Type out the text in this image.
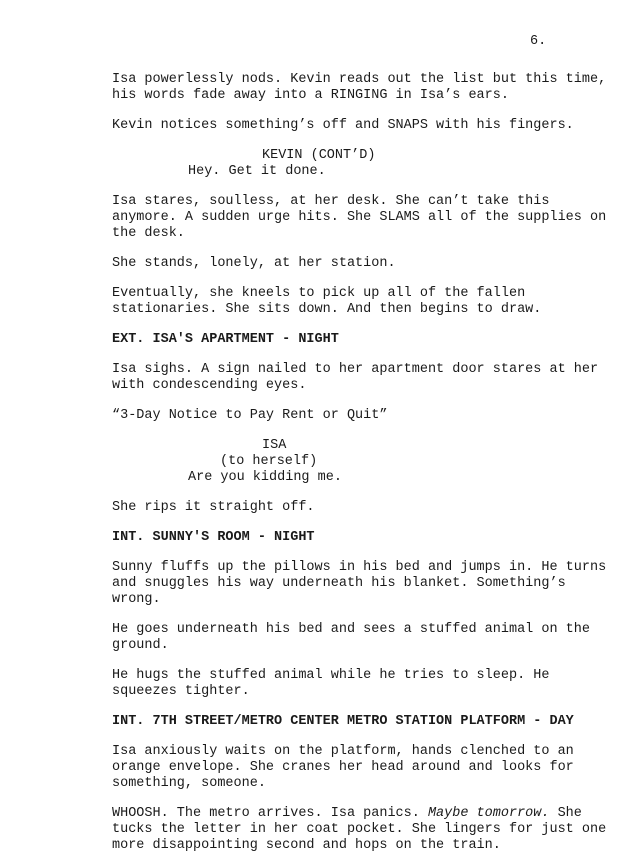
6.

Isa powerlessly nods. Kevin reads out the list but this time,
his words fade away into a RINGING in Isa’s ears.

Kevin notices something’s off and SNAPS with his fingers.

KEVIN (CONT’D)

Hey. Get it done.

Isa stares, soulless, at her desk. She can’t take this
anymore. A sudden urge hits. She SLAMS all of the supplies on
the desk.

She stands, lonely, at her station.

Eventually, she kneels to pick up all of the fallen
stationaries. She sits down. And then begins to draw.

EXT. ISA'S APARTMENT - NIGHT

Isa sighs. A sign nailed to her apartment door stares at her
with condescending eyes.

“3-Day Notice to Pay Rent or Quit”

ISA

(to herself)

Are you kidding me.

She rips it straight off.

INT. SUNNY'S ROOM - NIGHT

Sunny fluffs up the pillows in his bed and jumps in. He turns
and snuggles his way underneath his blanket. Something’s
wrong.

He goes underneath his bed and sees a stuffed animal on the
ground.

He hugs the stuffed animal while he tries to sleep. He
squeezes tighter.

INT. 7TH STREET/METRO CENTER METRO STATION PLATFORM - DAY

Isa anxiously waits on the platform, hands clenched to an
orange envelope. She cranes her head around and looks for
something, someone.

WHOOSH. The metro arrives. Isa panics. Maybe tomorrow. She
tucks the letter in her coat pocket. She lingers for just one
more disappointing second and hops on the train.
